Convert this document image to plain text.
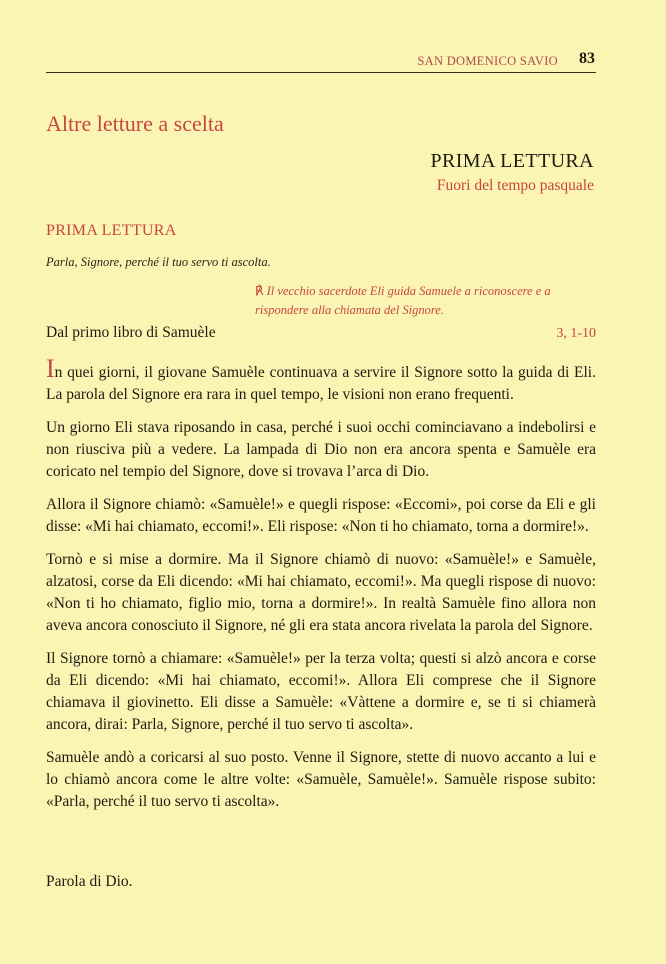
SAN DOMENICO SAVIO 83
Altre letture a scelta
PRIMA LETTURA
Fuori del tempo pasquale
PRIMA LETTURA
Parla, Signore, perché il tuo servo ti ascolta.
℟ Il vecchio sacerdote Eli guida Samuele a riconoscere e a rispondere alla chiamata del Signore.
Dal primo libro di Samuèle	3, 1-10

In quei giorni, il giovane Samuèle continuava a servire il Signore sotto la guida di Eli. La parola del Signore era rara in quel tempo, le visioni non erano frequenti.

Un giorno Eli stava riposando in casa, perché i suoi occhi cominciavano a indebolirsi e non riusciva più a vedere. La lampada di Dio non era ancora spenta e Samuèle era coricato nel tempio del Signore, dove si trovava l’arca di Dio.

Allora il Signore chiamò: «Samuèle!» e quegli rispose: «Eccomi», poi corse da Eli e gli disse: «Mi hai chiamato, eccomi!». Eli rispose: «Non ti ho chiamato, torna a dormire!».

Tornò e si mise a dormire. Ma il Signore chiamò di nuovo: «Samuèle!» e Samuèle, alzatosi, corse da Eli dicendo: «Mi hai chiamato, eccomi!». Ma quegli rispose di nuovo: «Non ti ho chiamato, figlio mio, torna a dormire!». In realtà Samuèle fino allora non aveva ancora conosciuto il Signore, né gli era stata ancora rivelata la parola del Signore.

Il Signore tornò a chiamare: «Samuèle!» per la terza volta; questi si alzò ancora e corse da Eli dicendo: «Mi hai chiamato, eccomi!». Allora Eli comprese che il Signore chiamava il giovinetto. Eli disse a Samuèle: «Vàttene a dormire e, se ti si chiamerà ancora, dirai: Parla, Signore, perché il tuo servo ti ascolta».

Samuèle andò a coricarsi al suo posto. Venne il Signore, stette di nuovo accanto a lui e lo chiamò ancora come le altre volte: «Samuèle, Samuèle!». Samuèle rispose subito: «Parla, perché il tuo servo ti ascolta».

Parola di Dio.
